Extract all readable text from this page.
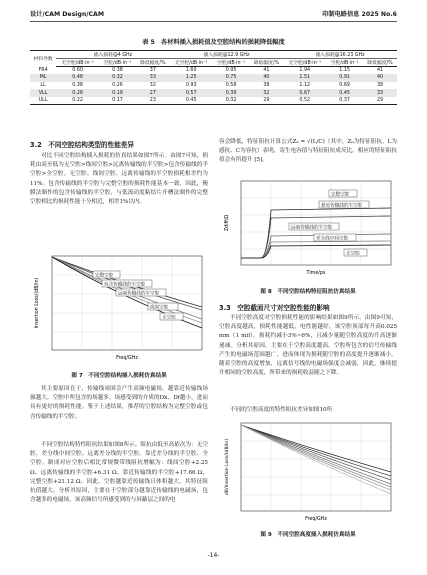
设计/CAM Design/CAM	印制电路信息 2025 No.6
表 5　各材料插入损耗值及空腔结构的损耗降低幅度
材料导数	插入损耗@4 GHz			插入损耗@12.9 GHz			插入损耗@16.23 GHz		
	无空腔/dB·in⁻¹	空腔/dB·in⁻¹	降低幅度/%	无空腔/dB·in⁻¹	空腔/dB·in⁻¹	降低幅度/%	无空腔/dB·in⁻¹	空腔/dB·in⁻¹	降低幅度/%
FR4	0.60	0.38	37	1.60	0.95	41	1.94	1.15	41
ML	0.48	0.32	33	1.25	0.75	40	1.51	0.91	40
LL	0.38	0.26	32	0.93	0.58	38	1.12	0.69	38
VLL	0.26	0.19	27	0.57	0.39	32	0.67	0.45	33
ULL	0.22	0.17	23	0.45	0.32	29	0.52	0.37	29
3.2　不同空腔结构类型的性能差异
对比不同空腔结构插入损耗的仿真结果如图7所示。由图7可知，损耗由高至低为无空腔>线间空腔>远离传输线的半空腔>包含传输线的半空腔>全空腔。无空腔、线间空腔、远离传输线的半空腔损耗相差约为11%。包含传输线的半空腔与完整空腔的损耗性能基本一致，因此，掩膜法制作的包含传输线的半空腔，与低流动度粘结片开槽法制作的完整空腔相比的损耗性能十分相近，相差1%以内。
完整空腔
包含传输线的半空腔
远离传输线的半空腔
线间空腔
无空腔
Freq/GHz
Insertion Loss/(dB/in)
图 7　不同空腔结构插入损耗仿真结果
其主要原因在于，传输线周围会产生高频电磁场，越靠近传输线场强越大。空腔中所包含的场越多，场感受到的介质的Dk、Df越小，进而具有更好的损耗性能。鉴于上述结果，推荐的空腔结构为完整空腔或包含传输线的半空腔。
不同空腔结构特性阻抗结果如图8所示。阻抗由低至高依次为：无空腔、差分线中间空腔、远离差分线的半空腔、靠近差分线的半空腔、全空腔。制成对应空腔后相比常规微带线阻抗增幅为：线间空腔+2.25 Ω、远离传输线的半空腔+6.31 Ω、靠近传输线的半空腔+17.66 Ω、完整空腔+21.12 Ω。因此，空腔越靠近传输线且体积越大，其特征阻抗值越大。分析其原因，主要在于空腔部分越靠近传输线的电磁场，包含越多的电磁场，该高频信号所感受到的与屏蔽层之间的电
容会降低，特征阻抗计算公式Z₀ = √(L/C)（其中，Z₀为特征阻抗、L为感抗、C为容抗）表明，寄生电容值与特征阻抗成反比，相应的特征阻抗值会有所提升 [5]。
完整空腔
靠近传输线的半空腔
远离传输线的半空腔
差分线中间空腔
无空腔
Time/ps
Zdiff/Ω
图 8　不同空腔结构特征阻抗仿真结果
3.3　空腔截面尺寸对空腔性能的影响
不同空腔高度对空腔损耗性能的影响结果如图9所示。由图9可知，空腔高度越高，损耗性能越低，电性能越好，该空腔顶部每升高0.025 mm（1 mil），损耗约减小3%~6%，且减少量随空腔高度的升高逐渐递减。分析其原因，主要在于空腔高度越高，空腔所包含的信号传输线产生的电磁场范围越广，进而体现为损耗随空腔的高度提升逐渐减小。随着空腔的高度增加，远离信号线的电磁场强度会减弱，因此，继续提升相同的空腔高度，所带来的损耗收益随之下降。
不同的空腔高度的特性阻抗差异如图10所
Freq/GHz
dB/Insertion Loss/(dB/in)
图 9　不同空腔高度插入损耗仿真结果
-14-
